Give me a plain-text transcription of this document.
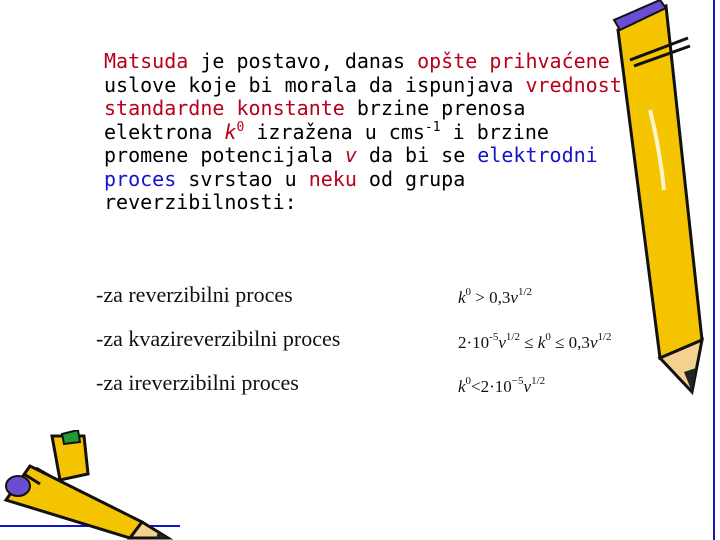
Matsuda je postavo, danas opšte prihvaćene
uslove koje bi morala da ispunjava vrednost
standardne konstante brzine prenosa
elektrona $k^0$ izražena u cms$^{-1}$ i brzine
promene potencijala v da bi se elektrodni
proces svrstao u neku od grupa
reverzibilnosti:
-za reverzibilni proces
-za kvazireverzibilni proces
-za ireverzibilni proces
$k^0 > 0,3v^{1/2}$
$2\cdot 10^{-5}v^{1/2} \le k^0 \le 0,3v^{1/2}$
$k^0<2\cdot 10^{-5}v^{1/2}$
